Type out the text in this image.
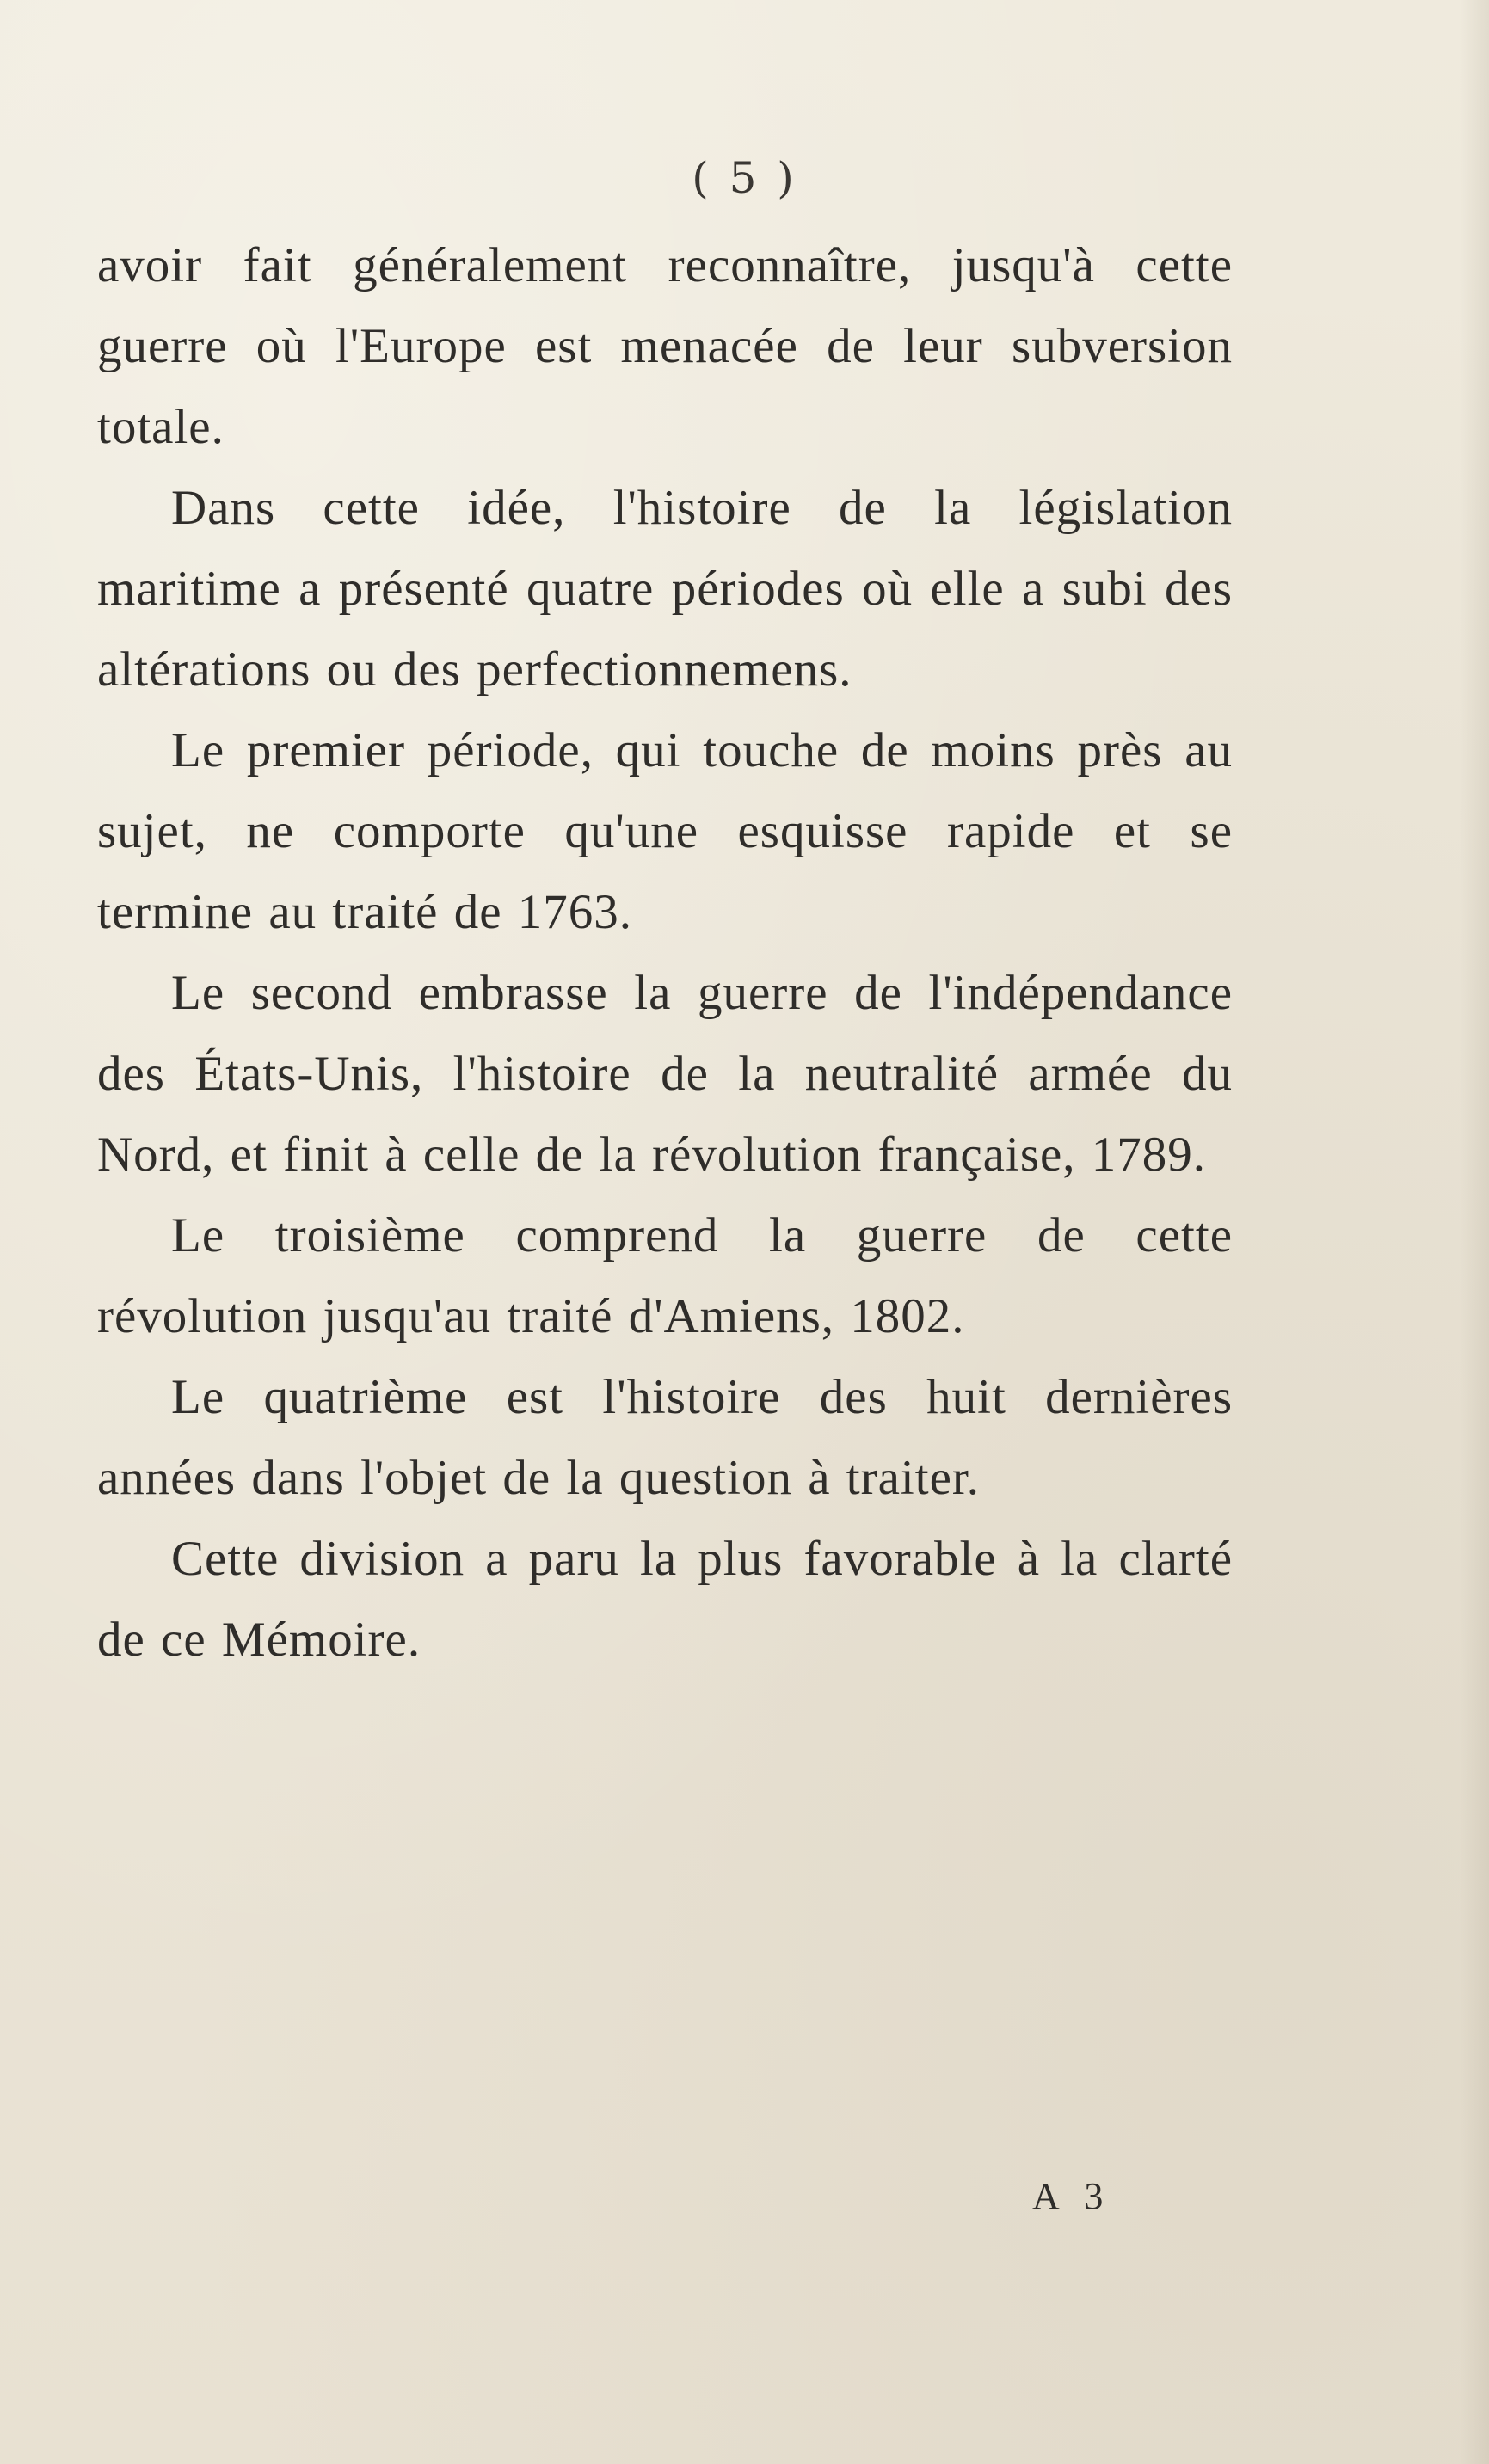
( 5 )

avoir fait généralement reconnaître, jusqu'à cette guerre où l'Europe est menacée de leur subversion totale.

Dans cette idée, l'histoire de la législation maritime a présenté quatre périodes où elle a subi des altérations ou des perfectionnemens.

Le premier période, qui touche de moins près au sujet, ne comporte qu'une esquisse rapide et se termine au traité de 1763.

Le second embrasse la guerre de l'indépendance des États-Unis, l'histoire de la neutralité armée du Nord, et finit à celle de la révolution française, 1789.

Le troisième comprend la guerre de cette révolution jusqu'au traité d'Amiens, 1802.

Le quatrième est l'histoire des huit dernières années dans l'objet de la question à traiter.

Cette division a paru la plus favorable à la clarté de ce Mémoire.

A 3
